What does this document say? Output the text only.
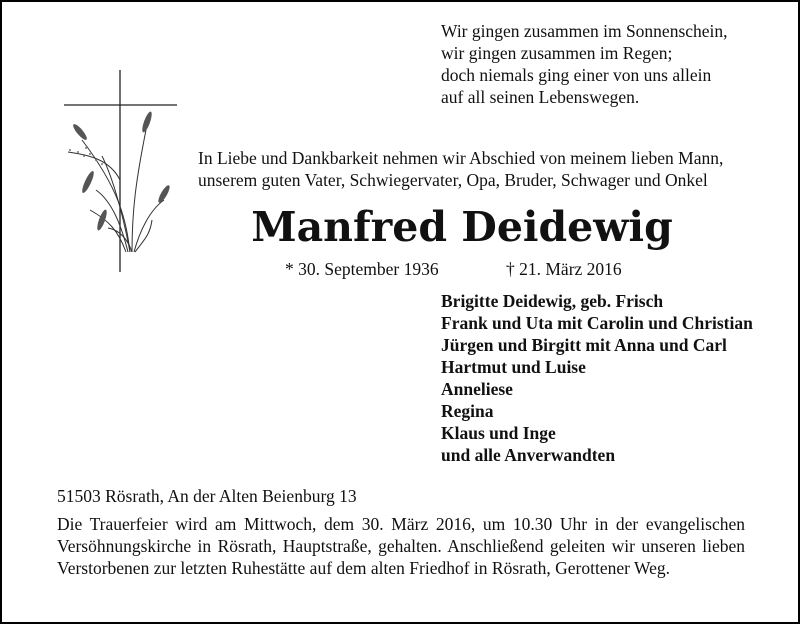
Wir gingen zusammen im Sonnenschein,
wir gingen zusammen im Regen;
doch niemals ging einer von uns allein
auf all seinen Lebenswegen.
In Liebe und Dankbarkeit nehmen wir Abschied von meinem lieben Mann,
unserem guten Vater, Schwiegervater, Opa, Bruder, Schwager und Onkel
Manfred Deidewig
* 30. September 1936	† 21. März 2016
Brigitte Deidewig, geb. Frisch
Frank und Uta mit Carolin und Christian
Jürgen und Birgitt mit Anna und Carl
Hartmut und Luise
Anneliese
Regina
Klaus und Inge
und alle Anverwandten
51503 Rösrath, An der Alten Beienburg 13
Die Trauerfeier wird am Mittwoch, dem 30. März 2016, um 10.30 Uhr in der evangelischen
Versöhnungskirche in Rösrath, Hauptstraße, gehalten. Anschließend geleiten wir unseren lieben
Verstorbenen zur letzten Ruhestätte auf dem alten Friedhof in Rösrath, Gerottener Weg.
